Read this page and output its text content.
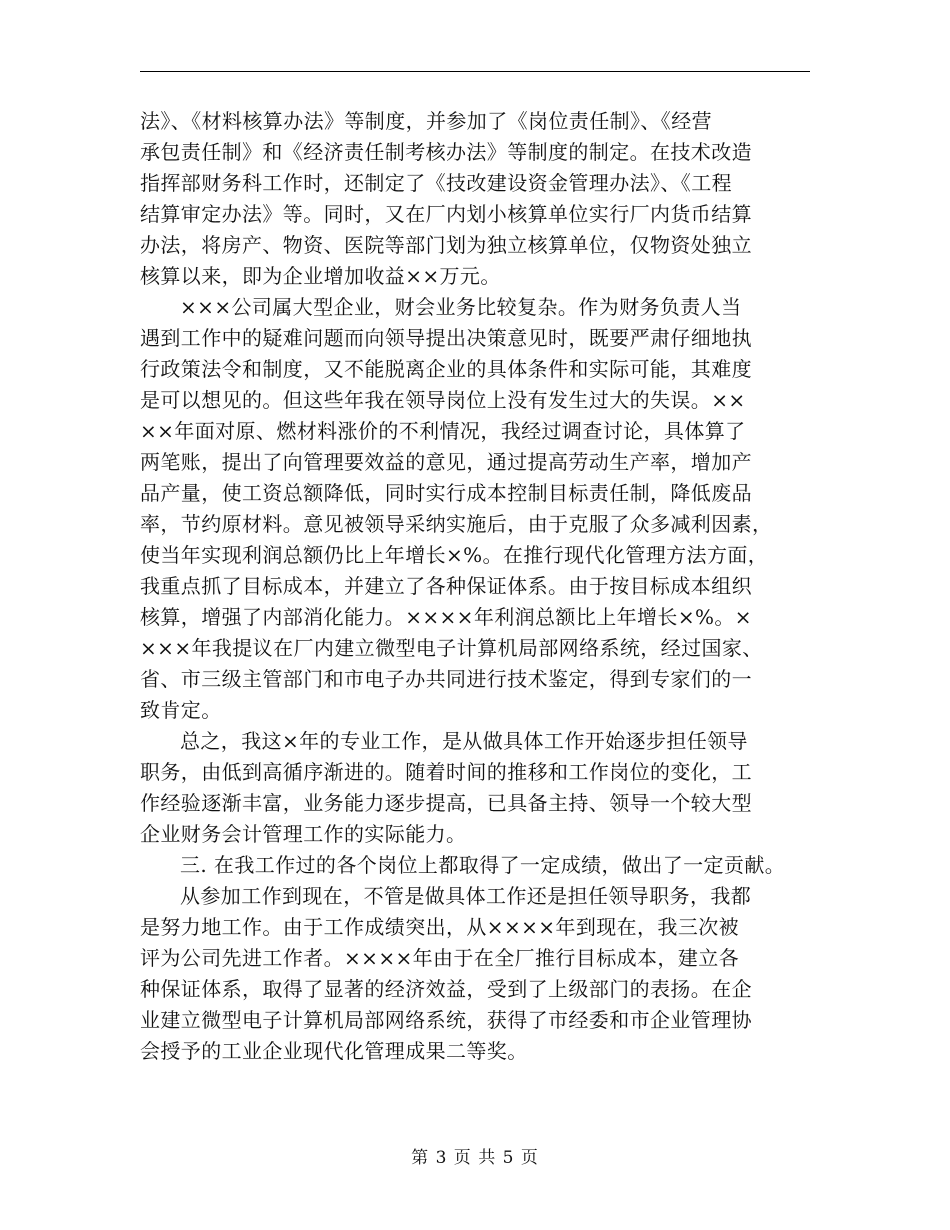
法》、《材料核算办法》等制度，并参加了《岗位责任制》、《经营
承包责任制》和《经济责任制考核办法》等制度的制定。在技术改造
指挥部财务科工作时，还制定了《技改建设资金管理办法》、《工程
结算审定办法》等。同时，又在厂内划小核算单位实行厂内货币结算
办法，将房产、物资、医院等部门划为独立核算单位，仅物资处独立
核算以来，即为企业增加收益××万元。
×××公司属大型企业，财会业务比较复杂。作为财务负责人当
遇到工作中的疑难问题而向领导提出决策意见时，既要严肃仔细地执
行政策法令和制度，又不能脱离企业的具体条件和实际可能，其难度
是可以想见的。但这些年我在领导岗位上没有发生过大的失误。××
××年面对原、燃材料涨价的不利情况，我经过调查讨论，具体算了
两笔账，提出了向管理要效益的意见，通过提高劳动生产率，增加产
品产量，使工资总额降低，同时实行成本控制目标责任制，降低废品
率，节约原材料。意见被领导采纳实施后，由于克服了众多减利因素，
使当年实现利润总额仍比上年增长×%。在推行现代化管理方法方面，
我重点抓了目标成本，并建立了各种保证体系。由于按目标成本组织
核算，增强了内部消化能力。××××年利润总额比上年增长×%。×
×××年我提议在厂内建立微型电子计算机局部网络系统，经过国家、
省、市三级主管部门和市电子办共同进行技术鉴定，得到专家们的一
致肯定。
总之，我这×年的专业工作，是从做具体工作开始逐步担任领导
职务，由低到高循序渐进的。随着时间的推移和工作岗位的变化，工
作经验逐渐丰富，业务能力逐步提高，已具备主持、领导一个较大型
企业财务会计管理工作的实际能力。
三. 在我工作过的各个岗位上都取得了一定成绩，做出了一定贡献。
从参加工作到现在，不管是做具体工作还是担任领导职务，我都
是努力地工作。由于工作成绩突出，从××××年到现在，我三次被
评为公司先进工作者。××××年由于在全厂推行目标成本，建立各
种保证体系，取得了显著的经济效益，受到了上级部门的表扬。在企
业建立微型电子计算机局部网络系统，获得了市经委和市企业管理协
会授予的工业企业现代化管理成果二等奖。
第 3 页 共 5 页
